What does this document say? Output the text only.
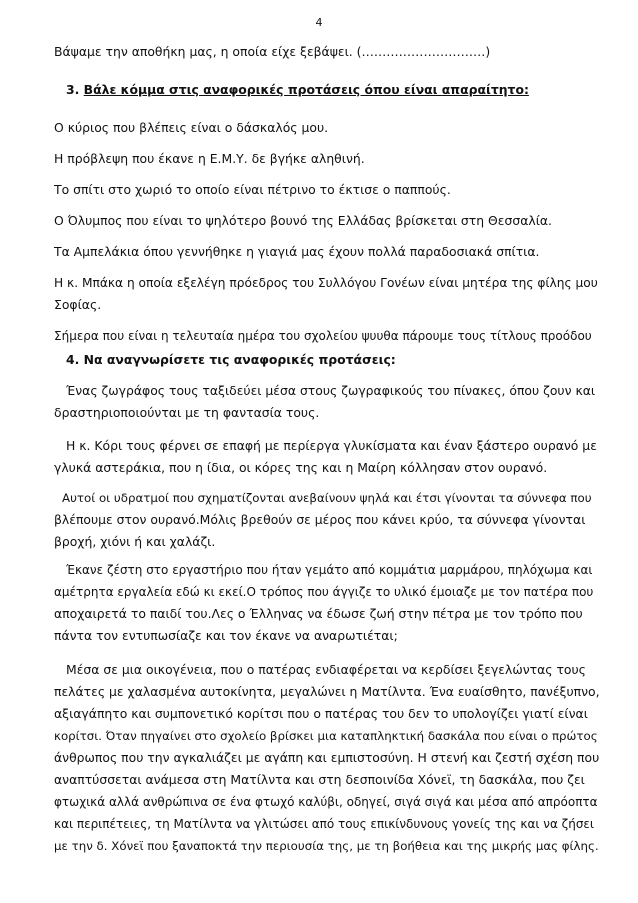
4
Βάψαμε την αποθήκη μας, η οποία είχε ξεβάψει. (…………………………)
3. Βάλε κόμμα στις αναφορικές προτάσεις όπου είναι απαραίτητο:
Ο κύριος που βλέπεις είναι ο δάσκαλός μου.
Η πρόβλεψη που έκανε η Ε.Μ.Υ. δε βγήκε αληθινή.
Το σπίτι στο χωριό το οποίο είναι πέτρινο το έκτισε ο παππούς.
Ο Όλυμπος που είναι το ψηλότερο βουνό της Ελλάδας βρίσκεται στη Θεσσαλία.
Τα Αμπελάκια όπου γεννήθηκε η γιαγιά μας έχουν πολλά παραδοσιακά σπίτια.
Η κ. Μπάκα η οποία εξελέγη πρόεδρος του Συλλόγου Γονέων είναι μητέρα της φίλης μου
Σοφίας.
Σήμερα που είναι η τελευταία ημέρα του σχολείου ψυυθα πάρουμε τους τίτλους προόδου
4. Να αναγνωρίσετε τις αναφορικές προτάσεις:
Ένας ζωγράφος τους ταξιδεύει μέσα στους ζωγραφικούς του πίνακες, όπου ζουν και
δραστηριοποιούνται με τη φαντασία τους.
Η κ. Κόρι τους φέρνει σε επαφή με περίεργα γλυκίσματα και έναν ξάστερο ουρανό με
γλυκά αστεράκια, που η ίδια, οι κόρες της και η Μαίρη κόλλησαν στον ουρανό.
Αυτοί οι υδρατμοί που σχηματίζονται ανεβαίνουν ψηλά και έτσι γίνονται τα σύννεφα που
βλέπουμε στον ουρανό.Μόλις βρεθούν σε μέρος που κάνει κρύο, τα σύννεφα γίνονται
βροχή, χιόνι ή και χαλάζι.
Έκανε ζέστη στο εργαστήριο που ήταν γεμάτο από κομμάτια μαρμάρου, πηλόχωμα και
αμέτρητα εργαλεία εδώ κι εκεί.Ο τρόπος που άγγιζε το υλικό έμοιαζε με τον πατέρα που
αποχαιρετά το παιδί του.Λες ο Έλληνας να έδωσε ζωή στην πέτρα με τον τρόπο που
πάντα τον εντυπωσίαζε και τον έκανε να αναρωτιέται;
Μέσα σε μια οικογένεια, που ο πατέρας ενδιαφέρεται να κερδίσει ξεγελώντας τους
πελάτες με χαλασμένα αυτοκίνητα, μεγαλώνει η Ματίλντα. Ένα ευαίσθητο, πανέξυπνο,
αξιαγάπητο και συμπονετικό κορίτσι που ο πατέρας του δεν το υπολογίζει γιατί είναι
κορίτσι. Όταν πηγαίνει στο σχολείο βρίσκει μια καταπληκτική δασκάλα που είναι ο πρώτος
άνθρωπος που την αγκαλιάζει με αγάπη και εμπιστοσύνη. Η στενή και ζεστή σχέση που
αναπτύσσεται ανάμεσα στη Ματίλντα και στη δεσποινίδα Χόνεϊ, τη δασκάλα, που ζει
φτωχικά αλλά ανθρώπινα σε ένα φτωχό καλύβι, οδηγεί, σιγά σιγά και μέσα από απρόοπτα
και περιπέτειες, τη Ματίλντα να γλιτώσει από τους επικίνδυνους γονείς της και να ζήσει
με την δ. Χόνεϊ που ξαναποκτά την περιουσία της, με τη βοήθεια και της μικρής μας φίλης.
